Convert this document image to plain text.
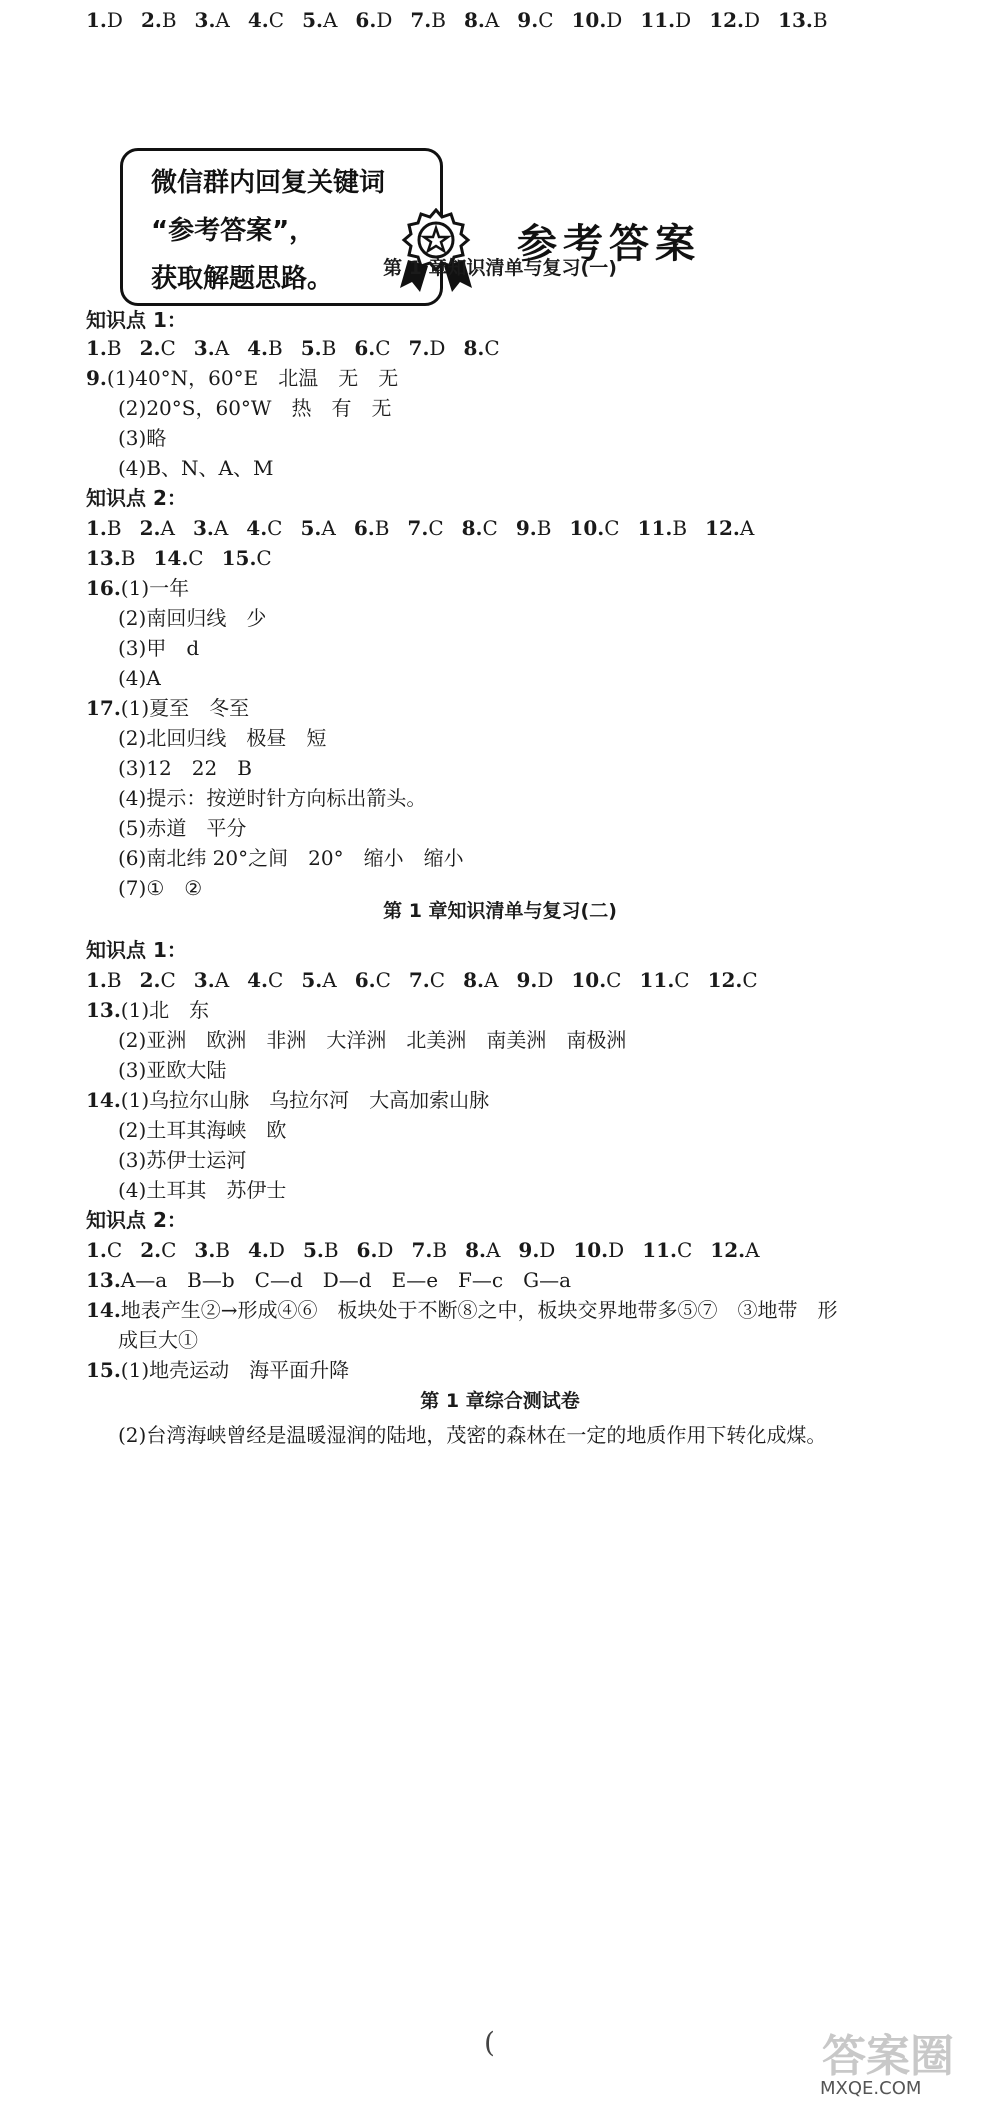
微信群内回复关键词
“参考答案”，
获取解题思路。
参考答案
第 1 章知识清单与复习(一)
第 1 章知识清单与复习(二)
第 1 章综合测试卷
知识点 1：
1.B 2.C 3.A 4.B 5.B 6.C 7.D 8.C
9.(1)40°N，60°E　北温　无　无
(2)20°S，60°W　热　有　无
(3)略
(4)B、N、A、M
知识点 2：
1.B 2.A 3.A 4.C 5.A 6.B 7.C 8.C 9.B 10.C 11.B 12.A
13.B 14.C 15.C
16.(1)一年
(2)南回归线　少
(3)甲　d
(4)A
17.(1)夏至　冬至
(2)北回归线　极昼　短
(3)12　22　B
(4)提示：按逆时针方向标出箭头。
(5)赤道　平分
(6)南北纬 20°之间　20°　缩小　缩小
(7)①　②
知识点 1：
1.B 2.C 3.A 4.C 5.A 6.C 7.C 8.A 9.D 10.C 11.C 12.C
13.(1)北　东
(2)亚洲　欧洲　非洲　大洋洲　北美洲　南美洲　南极洲
(3)亚欧大陆
14.(1)乌拉尔山脉　乌拉尔河　大高加索山脉
(2)土耳其海峡　欧
(3)苏伊士运河
(4)土耳其　苏伊士
知识点 2：
1.C 2.C 3.B 4.D 5.B 6.D 7.B 8.A 9.D 10.D 11.C 12.A
13.A—a　B—b　C—d　D—d　E—e　F—c　G—a
14.地表产生②→形成④⑥　板块处于不断⑧之中，板块交界地带多⑤⑦　③地带　形
成巨大①
15.(1)地壳运动　海平面升降
(2)台湾海峡曾经是温暖湿润的陆地，茂密的森林在一定的地质作用下转化成煤。
1.D 2.B 3.A 4.C 5.A 6.D 7.B 8.A 9.C 10.D 11.D 12.D 13.B
(	答案圈
MXQE.COM
